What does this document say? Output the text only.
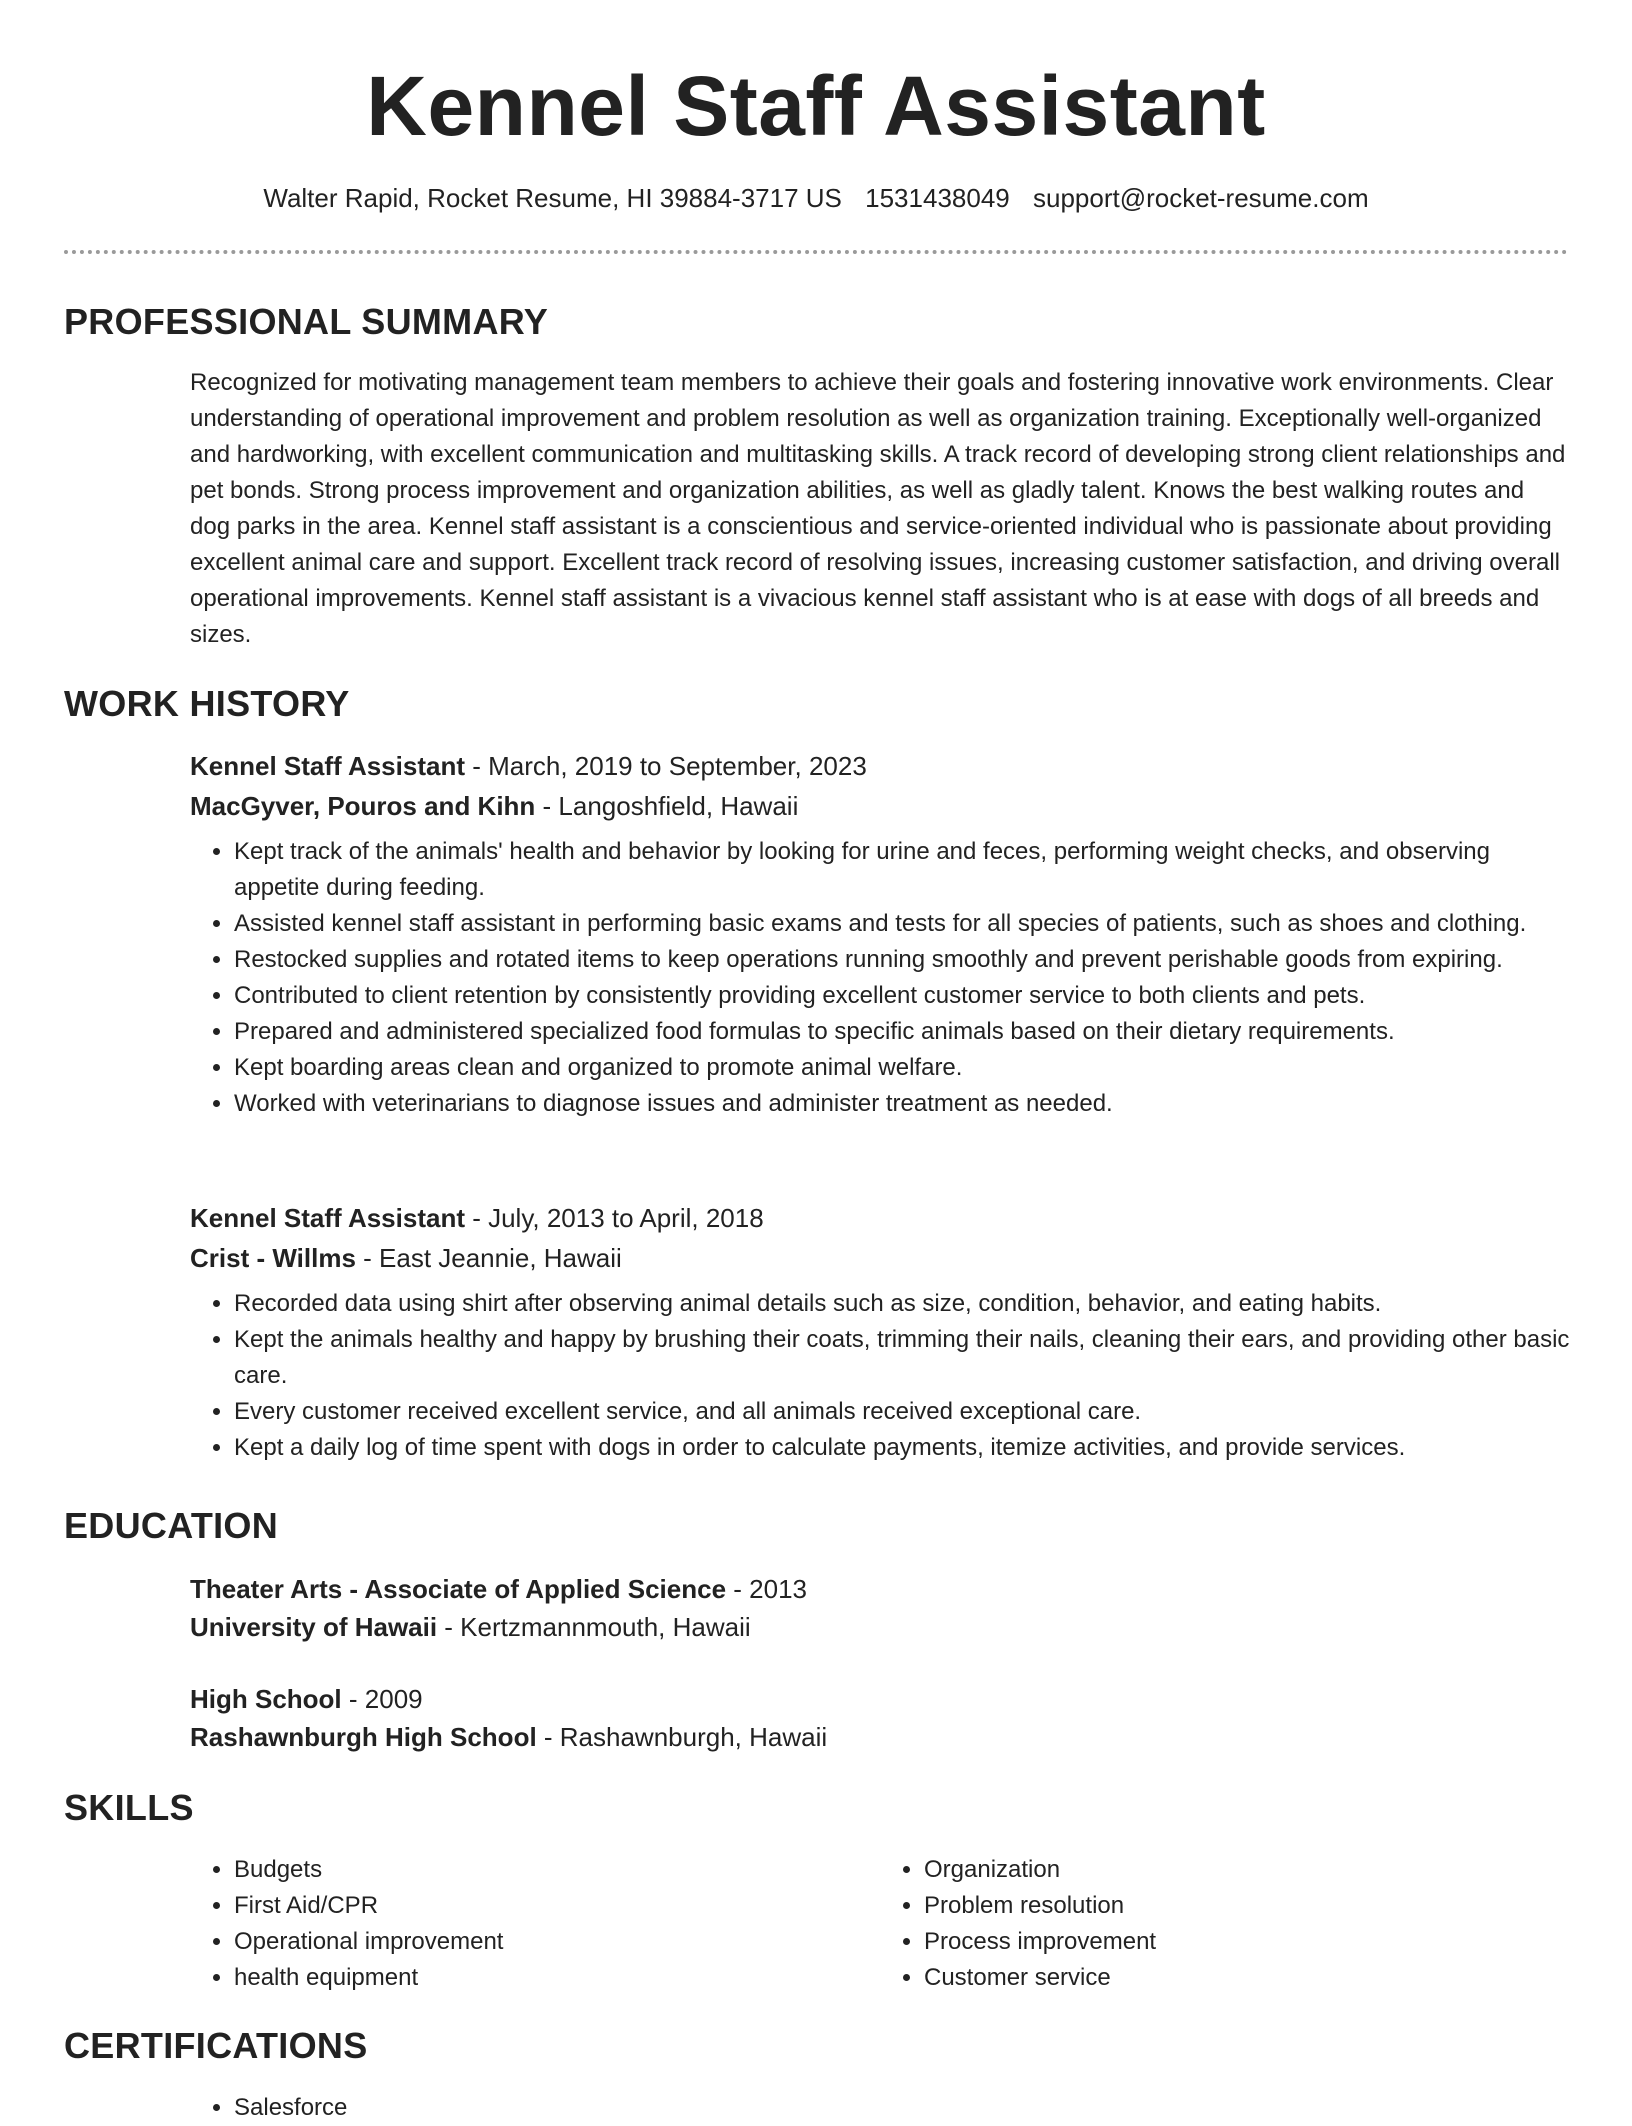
Kennel Staff Assistant
Walter Rapid, Rocket Resume, HI 39884-3717 US 1531438049 support@rocket-resume.com
PROFESSIONAL SUMMARY

Recognized for motivating management team members to achieve their goals and fostering innovative work environments. Clear understanding of operational improvement and problem resolution as well as organization training. Exceptionally well-organized and hardworking, with excellent communication and multitasking skills. A track record of developing strong client relationships and pet bonds. Strong process improvement and organization abilities, as well as gladly talent. Knows the best walking routes and dog parks in the area. Kennel staff assistant is a conscientious and service-oriented individual who is passionate about providing excellent animal care and support. Excellent track record of resolving issues, increasing customer satisfaction, and driving overall operational improvements. Kennel staff assistant is a vivacious kennel staff assistant who is at ease with dogs of all breeds and sizes.

WORK HISTORY

Kennel Staff Assistant - March, 2019 to September, 2023

MacGyver, Pouros and Kihn - Langoshfield, Hawaii

• Kept track of the animals' health and behavior by looking for urine and feces, performing weight checks, and observing appetite during feeding.
• Assisted kennel staff assistant in performing basic exams and tests for all species of patients, such as shoes and clothing.
• Restocked supplies and rotated items to keep operations running smoothly and prevent perishable goods from expiring.
• Contributed to client retention by consistently providing excellent customer service to both clients and pets.
• Prepared and administered specialized food formulas to specific animals based on their dietary requirements.
• Kept boarding areas clean and organized to promote animal welfare.
• Worked with veterinarians to diagnose issues and administer treatment as needed.

Kennel Staff Assistant - July, 2013 to April, 2018

Crist - Willms - East Jeannie, Hawaii

• Recorded data using shirt after observing animal details such as size, condition, behavior, and eating habits.
• Kept the animals healthy and happy by brushing their coats, trimming their nails, cleaning their ears, and providing other basic care.
• Every customer received excellent service, and all animals received exceptional care.
• Kept a daily log of time spent with dogs in order to calculate payments, itemize activities, and provide services.
EDUCATION

Theater Arts - Associate of Applied Science - 2013

University of Hawaii - Kertzmannmouth, Hawaii

High School - 2009

Rashawnburgh High School - Rashawnburgh, Hawaii

SKILLS
• Budgets
• First Aid/CPR
• Operational improvement
• health equipment
• Organization
• Problem resolution
• Process improvement
• Customer service
CERTIFICATIONS
• Salesforce
